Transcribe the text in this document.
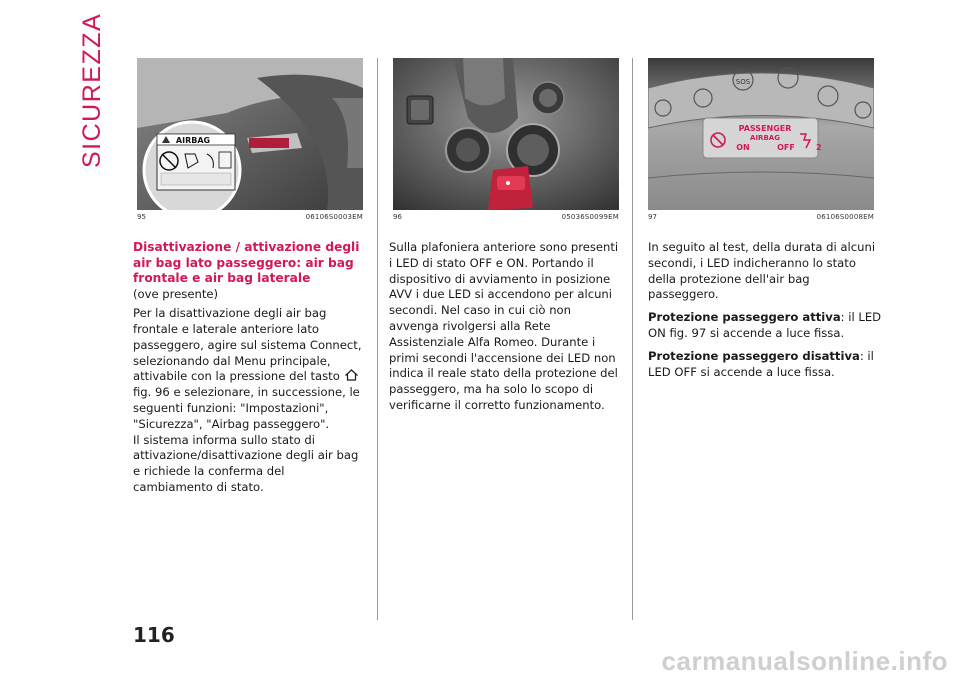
SICUREZZA	AIRBAG
95	06106S0003EM	96	05036S0099EM
SOS
PASSENGER
AIRBAG
ON	OFF	2
97	06106S0008EM
Disattivazione / attivazione degli air bag lato passeggero: air bag frontale e air bag laterale

(ove presente)

Per la disattivazione degli air bag frontale e laterale anteriore lato passeggero, agire sul sistema Connect, selezionando dal Menu principale, attivabile con la pressione del tasto fig. 96 e selezionare, in successione, le seguenti funzioni: "Impostazioni", "Sicurezza", "Airbag passeggero".

Il sistema informa sullo stato di attivazione/disattivazione degli air bag e richiede la conferma del cambiamento di stato.

Sulla plafoniera anteriore sono presenti i LED di stato OFF e ON. Portando il dispositivo di avviamento in posizione AVV i due LED si accendono per alcuni secondi. Nel caso in cui ciò non avvenga rivolgersi alla Rete Assistenziale Alfa Romeo. Durante i primi secondi l'accensione dei LED non indica il reale stato della protezione del passeggero, ma ha solo lo scopo di verificarne il corretto funzionamento.

In seguito al test, della durata di alcuni secondi, i LED indicheranno lo stato della protezione dell'air bag passeggero.

Protezione passeggero attiva: il LED ON fig. 97 si accende a luce fissa.

Protezione passeggero disattiva: il LED OFF si accende a luce fissa.

116
carmanualsonline.info
